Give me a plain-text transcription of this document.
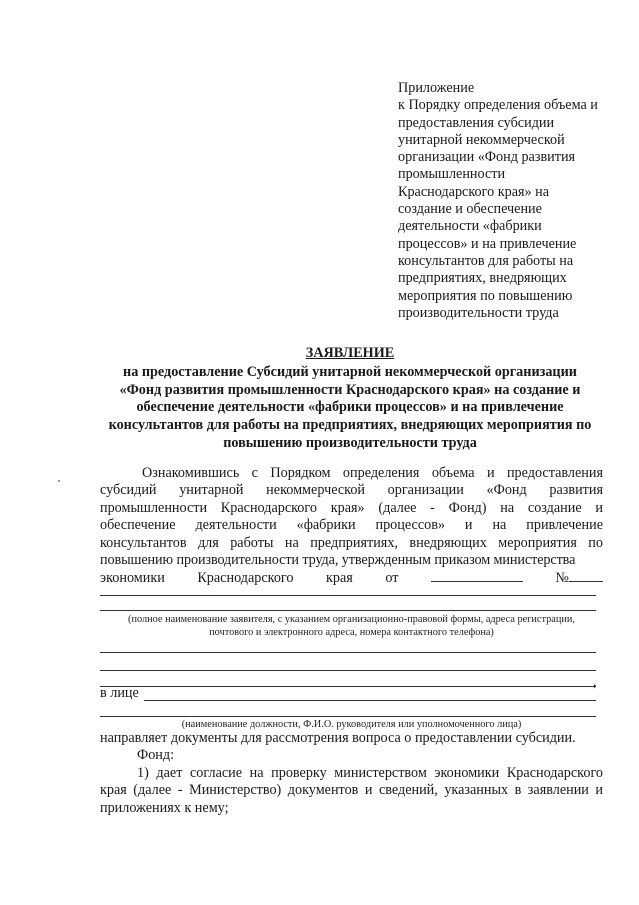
Приложение
к Порядку определения объема и
предоставления субсидии
унитарной некоммерческой
организации «Фонд развития
промышленности
Краснодарского края» на
создание и обеспечение
деятельности «фабрики
процессов» и на привлечение
консультантов для работы на
предприятиях, внедряющих
мероприятия по повышению
производительности труда
ЗАЯВЛЕНИЕ
на предоставление Субсидий унитарной некоммерческой организации
«Фонд развития промышленности Краснодарского края» на создание и
обеспечение деятельности «фабрики процессов» и на привлечение
консультантов для работы на предприятиях, внедряющих мероприятия по
повышению производительности труда
Ознакомившись с Порядком определения объема и предоставления
субсидий унитарной некоммерческой организации «Фонд развития
промышленности Краснодарского края» (далее - Фонд) на создание и
обеспечение деятельности «фабрики процессов» и на привлечение
консультантов для работы на предприятиях, внедряющих мероприятия по
повышению производительности труда, утвержденным приказом министерства
экономики Краснодарского края от	№
(полное наименование заявителя, с указанием организационно-правовой формы, адреса регистрации,
почтового и электронного адреса, номера контактного телефона)
,
в лице
(наименование должности, Ф.И.О. руководителя или уполномоченного лица)
направляет документы для рассмотрения вопроса о предоставлении субсидии.
Фонд:
1) дает согласие на проверку министерством экономики Краснодарского
края (далее - Министерство) документов и сведений, указанных в заявлении и
приложениях к нему;
